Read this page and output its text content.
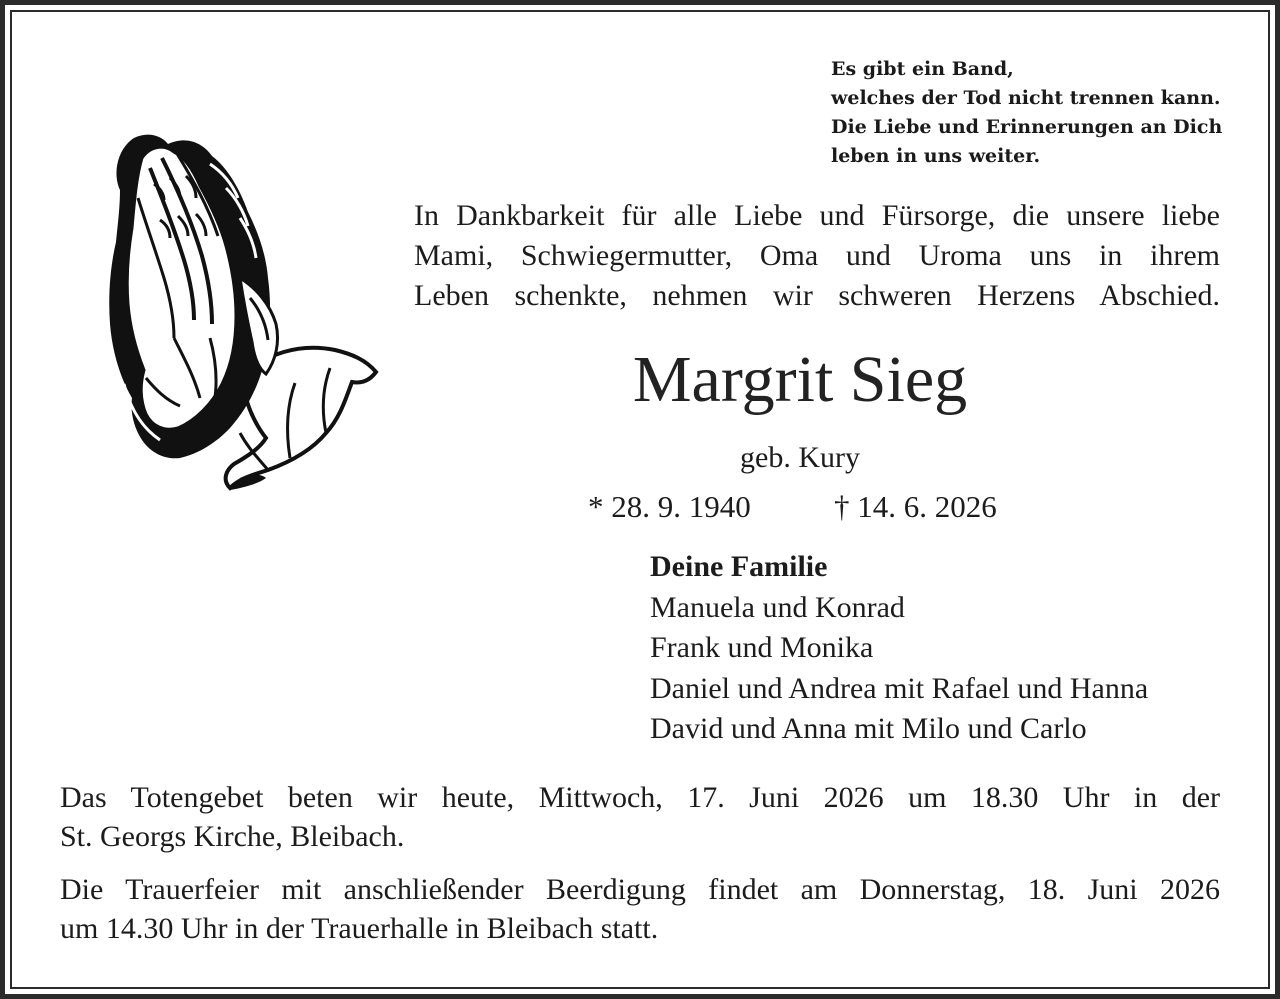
Es gibt ein Band,
welches der Tod nicht trennen kann.
Die Liebe und Erinnerungen an Dich
leben in uns weiter.
In Dankbarkeit für alle Liebe und Fürsorge, die unsere liebe
Mami, Schwiegermutter, Oma und Uroma uns in ihrem
Leben schenkte, nehmen wir schweren Herzens Abschied.
Margrit Sieg
geb. Kury
* 28. 9. 1940	† 14. 6. 2026
Deine Familie
Manuela und Konrad
Frank und Monika
Daniel und Andrea mit Rafael und Hanna
David und Anna mit Milo und Carlo
Das Totengebet beten wir heute, Mittwoch, 17. Juni 2026 um 18.30 Uhr in der
St. Georgs Kirche, Bleibach.
Die Trauerfeier mit anschließender Beerdigung findet am Donnerstag, 18. Juni 2026
um 14.30 Uhr in der Trauerhalle in Bleibach statt.
